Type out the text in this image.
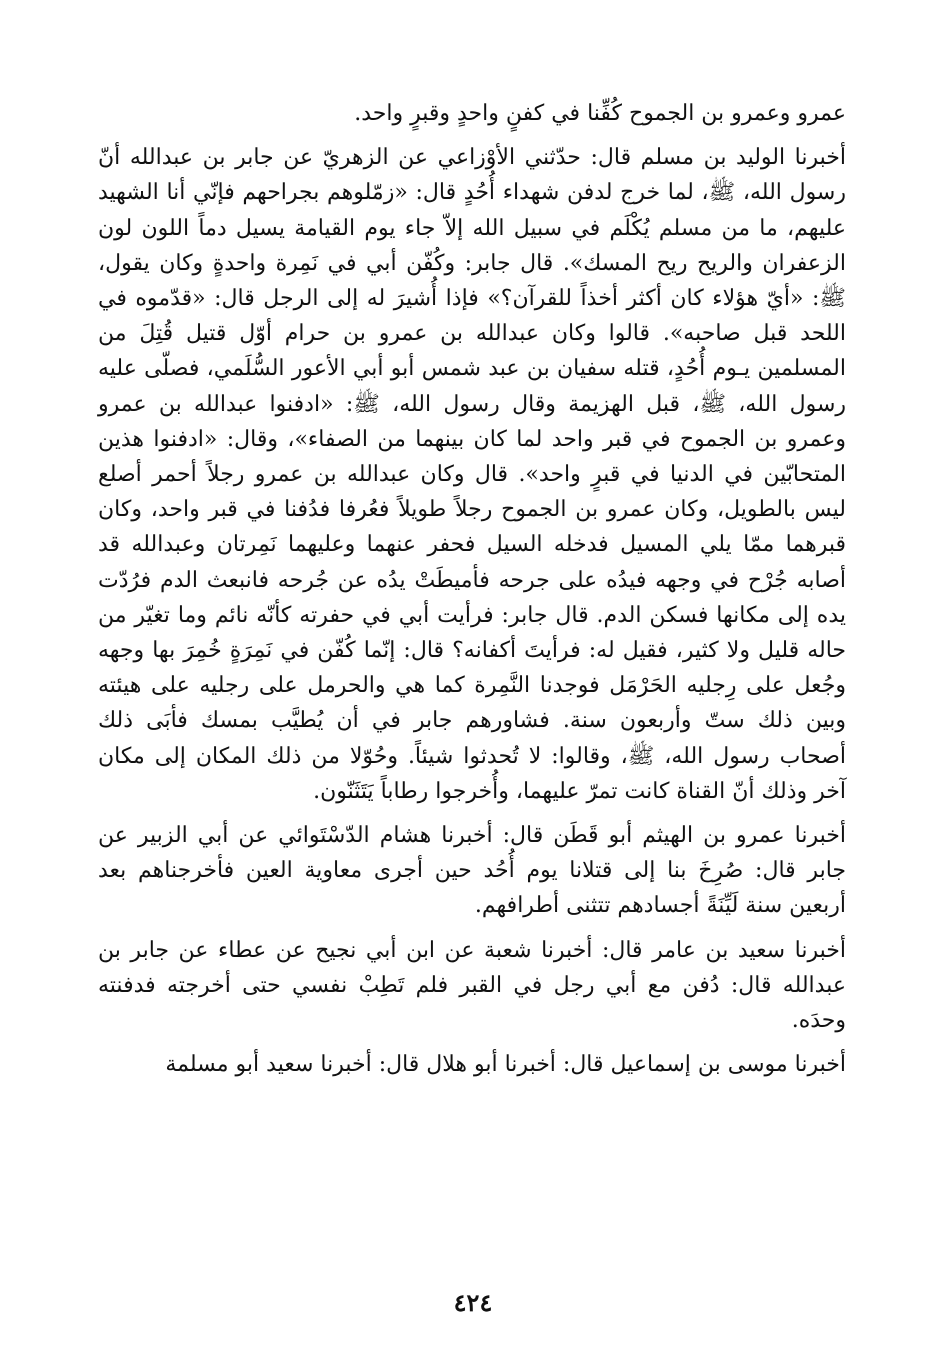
عمرو وعمرو بن الجموح كُفِّنا في كفنٍ واحدٍ وقبرٍ واحد.

أخبرنا الوليد بن مسلم قال: حدّثني الأوْزاعي عن الزهريّ عن جابر بن عبدالله أنّ رسول الله، ﷺ، لما خرج لدفن شهداء أُحُدٍ قال: «زمّلوهم بجراحهم فإنّي أنا الشهيد عليهم، ما من مسلم يُكْلَم في سبيل الله إلاّ جاء يوم القيامة يسيل دماً اللون لون الزعفران والريح ريح المسك». قال جابر: وكُفّن أبي في نَمِرة واحدةٍ وكان يقول، ﷺ: «أيّ هؤلاء كان أكثر أخذاً للقرآن؟» فإذا أُشيرَ له إلى الرجل قال: «قدّموه في اللحد قبل صاحبه». قالوا وكان عبدالله بن عمرو بن حرام أوّل قتيل قُتِلَ من المسلمين يـوم أُحُدٍ، قتله سفيان بن عبد شمس أبو أبي الأعور السُّلَمي، فصلّى عليه رسول الله، ﷺ، قبل الهزيمة وقال رسول الله، ﷺ: «ادفنوا عبدالله بن عمرو وعمرو بن الجموح في قبر واحد لما كان بينهما من الصفاء»، وقال: «ادفنوا هذين المتحابّين في الدنيا في قبرٍ واحد». قال وكان عبدالله بن عمرو رجلاً أحمر أصلع ليس بالطويل، وكان عمرو بن الجموح رجلاً طويلاً فعُرفا فدُفنا في قبر واحد، وكان قبرهما ممّا يلي المسيل فدخله السيل فحفر عنهما وعليهما نَمِرتان وعبدالله قد أصابه جُرْح في وجهه فيدُه على جرحه فأميطَتْ يدُه عن جُرحه فانبعث الدم فرُدّت يده إلى مكانها فسكن الدم. قال جابر: فرأيت أبي في حفرته كأنّه نائم وما تغيّر من حاله قليل ولا كثير، فقيل له: فرأيتَ أكفانه؟ قال: إنّما كُفّن في نَمِرَةٍ خُمِرَ بها وجهه وجُعل على رِجليه الحَرْمَل فوجدنا النَّمِرة كما هي والحرمل على رجليه على هيئته وبين ذلك ستّ وأربعون سنة. فشاورهم جابر في أن يُطيَّب بمسك فأبَى ذلك أصحاب رسول الله، ﷺ، وقالوا: لا تُحدثوا شيئاً. وحُوّلا من ذلك المكان إلى مكان آخر وذلك أنّ القناة كانت تمرّ عليهما، وأُخرجوا رطاباً يَتَثَنّون.

أخبرنا عمرو بن الهيثم أبو قَطَن قال: أخبرنا هشام الدّسْتَوائي عن أبي الزبير عن جابر قال: صُرِخَ بنا إلى قتلانا يوم أُحُد حين أجرى معاوية العين فأخرجناهم بعد أربعين سنة لَيِّنَةً أجسادهم تتثنى أطرافهم.

أخبرنا سعيد بن عامر قال: أخبرنا شعبة عن ابن أبي نجيح عن عطاء عن جابر بن عبدالله قال: دُفن مع أبي رجل في القبر فلم تَطِبْ نفسي حتى أخرجته فدفنته وحدَه.

أخبرنا موسى بن إسماعيل قال: أخبرنا أبو هلال قال: أخبرنا سعيد أبو مسلمة

٤٢٤
